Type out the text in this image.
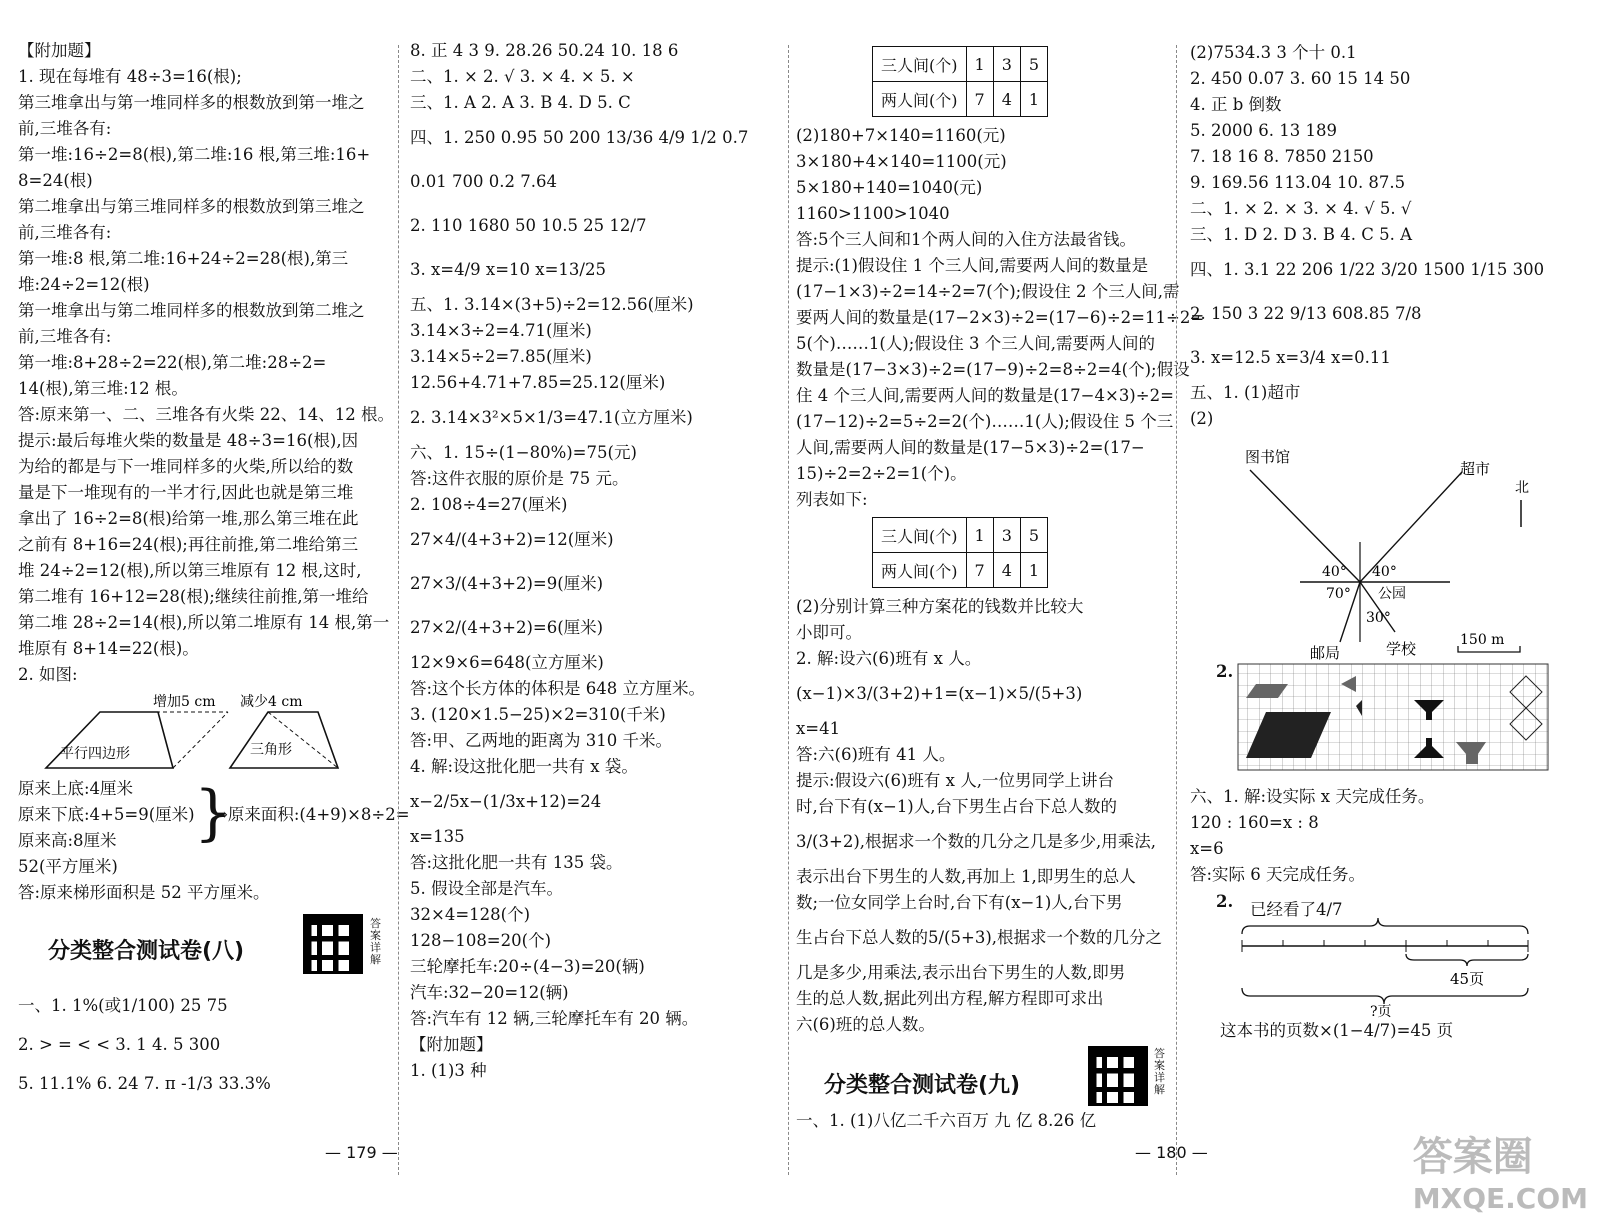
【附加题】
1. 现在每堆有 48÷3=16(根);
第三堆拿出与第一堆同样多的根数放到第一堆之
前,三堆各有:
第一堆:16÷2=8(根),第二堆:16 根,第三堆:16+
8=24(根)
第二堆拿出与第三堆同样多的根数放到第三堆之
前,三堆各有:
第一堆:8 根,第二堆:16+24÷2=28(根),第三
堆:24÷2=12(根)
第一堆拿出与第二堆同样多的根数放到第二堆之
前,三堆各有:
第一堆:8+28÷2=22(根),第二堆:28÷2=
14(根),第三堆:12 根。
答:原来第一、二、三堆各有火柴 22、14、12 根。
提示:最后每堆火柴的数量是 48÷3=16(根),因
为给的都是与下一堆同样多的火柴,所以给的数
量是下一堆现有的一半才行,因此也就是第三堆
拿出了 16÷2=8(根)给第一堆,那么第三堆在此
之前有 8+16=24(根);再往前推,第二堆给第三
堆 24÷2=12(根),所以第三堆原有 12 根,这时,
第二堆有 16+12=28(根);继续往前推,第一堆给
第二堆 28÷2=14(根),所以第二堆原有 14 根,第一
堆原有 8+14=22(根)。
2. 如图:
增加5 cm
平行四边形
减少4 cm
三角形
原来上底:4厘米
原来下底:4+5=9(厘米)
原来高:8厘米	}
⇒原来面积:(4+9)×8÷2=
52(平方厘米)
答:原来梯形面积是 52 平方厘米。
分类整合测试卷(八)
答案详解
一、1. 1%(或1/100) 25 75
2. > = < < 3. 1 4. 5 300
5. 11.1% 6. 24 7. π -1/3 33.3%
8. 正 4 3 9. 28.26 50.24 10. 18 6
二、1. × 2. √ 3. × 4. × 5. ×
三、1. A 2. A 3. B 4. D 5. C
四、1. 250 0.95 50 200 13/36 4/9 1/2 0.7
0.01 700 0.2 7.64
2. 110 1680 50 10.5 25 12/7
3. x=4/9 x=10 x=13/25
五、1. 3.14×(3+5)÷2=12.56(厘米)
3.14×3÷2=4.71(厘米)
3.14×5÷2=7.85(厘米)
12.56+4.71+7.85=25.12(厘米)
2. 3.14×3²×5×1/3=47.1(立方厘米)
六、1. 15÷(1−80%)=75(元)
答:这件衣服的原价是 75 元。
2. 108÷4=27(厘米)
27×4/(4+3+2)=12(厘米)
27×3/(4+3+2)=9(厘米)
27×2/(4+3+2)=6(厘米)
12×9×6=648(立方厘米)
答:这个长方体的体积是 648 立方厘米。
3. (120×1.5−25)×2=310(千米)
答:甲、乙两地的距离为 310 千米。
4. 解:设这批化肥一共有 x 袋。
x−2/5x−(1/3x+12)=24
x=135
答:这批化肥一共有 135 袋。
5. 假设全部是汽车。
32×4=128(个)
128−108=20(个)
三轮摩托车:20÷(4−3)=20(辆)
汽车:32−20=12(辆)
答:汽车有 12 辆,三轮摩托车有 20 辆。
【附加题】
1. (1)3 种
— 179 —
三人间(个)	1	3	5
两人间(个)	7	4	1
(2)180+7×140=1160(元)
3×180+4×140=1100(元)
5×180+140=1040(元)
1160>1100>1040
答:5个三人间和1个两人间的入住方法最省钱。
提示:(1)假设住 1 个三人间,需要两人间的数量是
(17−1×3)÷2=14÷2=7(个);假设住 2 个三人间,需
要两人间的数量是(17−2×3)÷2=(17−6)÷2=11÷2=
5(个)……1(人);假设住 3 个三人间,需要两人间的
数量是(17−3×3)÷2=(17−9)÷2=8÷2=4(个);假设
住 4 个三人间,需要两人间的数量是(17−4×3)÷2=
(17−12)÷2=5÷2=2(个)……1(人);假设住 5 个三
人间,需要两人间的数量是(17−5×3)÷2=(17−
15)÷2=2÷2=1(个)。
列表如下:
三人间(个)	1	3	5
两人间(个)	7	4	1
(2)分别计算三种方案花的钱数并比较大
小即可。
2. 解:设六(6)班有 x 人。
(x−1)×3/(3+2)+1=(x−1)×5/(5+3)
x=41
答:六(6)班有 41 人。
提示:假设六(6)班有 x 人,一位男同学上讲台
时,台下有(x−1)人,台下男生占台下总人数的
3/(3+2),根据求一个数的几分之几是多少,用乘法,
表示出台下男生的人数,再加上 1,即男生的总人
数;一位女同学上台时,台下有(x−1)人,台下男
生占台下总人数的5/(5+3),根据求一个数的几分之
几是多少,用乘法,表示出台下男生的人数,即男
生的总人数,据此列出方程,解方程即可求出
六(6)班的总人数。
分类整合测试卷(九)
答案详解
一、1. (1)八亿二千六百万 九 亿 8.26 亿
— 180 —
(2)7534.3 3 个十 0.1
2. 450 0.07 3. 60 15 14 50
4. 正 b 倒数
5. 2000 6. 13 189
7. 18 16 8. 7850 2150
9. 169.56 113.04 10. 87.5
二、1. × 2. × 3. × 4. √ 5. √
三、1. D 2. D 3. B 4. C 5. A
四、1. 3.1 22 206 1/22 3/20 1500 1/15 300
2. 150 3 22 9/13 608.85 7/8
3. x=12.5 x=3/4 x=0.11
五、1. (1)超市
(2)
图书馆
超市
北
40° 40°
70°
30°
公园
邮局	学校	150 m
2.
六、1. 解:设实际 x 天完成任务。
120 : 160=x : 8
x=6
答:实际 6 天完成任务。
2. 已经看了4/7
45页
?页
这本书的页数×(1−4/7)=45 页
答案圈
MXQE.COM
